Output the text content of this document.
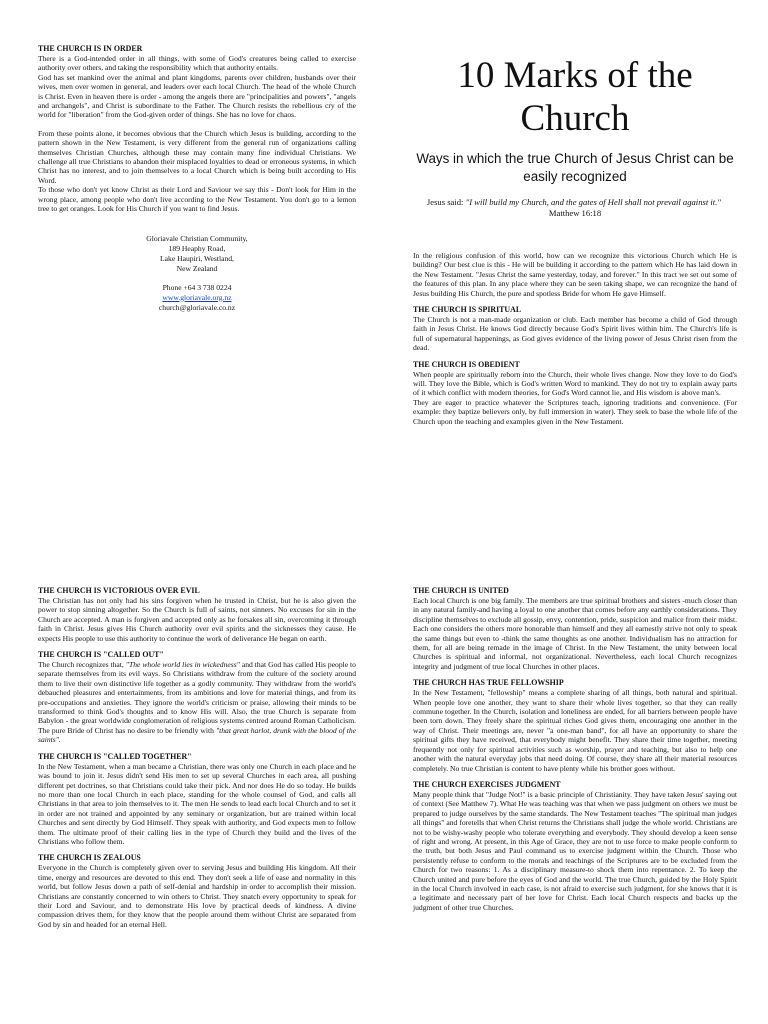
THE CHURCH IS IN ORDER

There is a God-intended order in all things, with some of God's creatures being called to exercise authority over others, and taking the responsibility which that authority entails.

God has set mankind over the animal and plant kingdoms, parents over children, husbands over their wives, men over women in general, and leaders over each local Church. The head of the whole Church is Christ. Even in heaven there is order - among the angels there are "principalities and powers", "angels and archangels", and Christ is subordinate to the Father. The Church resists the rebellious cry of the world for "liberation" from the God-given order of things. She has no love for chaos.

From these points alone, it becomes obvious that the Church which Jesus is building, according to the pattern shown in the New Testament, is very different from the general run of organizations calling themselves Christian Churches, although these may contain many fine individual Christians. We challenge all true Christians to abandon their misplaced loyalties to dead or erroneous systems, in which Christ has no interest, and to join themselves to a local Church which is being built according to His Word.

To those who don't yet know Christ as their Lord and Saviour we say this - Don't look for Him in the wrong place, among people who don't live according to the New Testament. You don't go to a lemon tree to get oranges. Look for His Church if you want to find Jesus.

Gloriavale Christian Community,
189 Heaphy Road,
Lake Haupiri, Westland,
New Zealand
Phone +64 3 738 0224
www.gloriavale.org.nz
church@gloriavale.co.nz
10 Marks of the Church
Ways in which the true Church of Jesus Christ can be easily recognized

Jesus said: "I will build my Church, and the gates of Hell shall not prevail against it."  Matthew 16:18

In the religious confusion of this world, how can we recognize this victorious Church which He is building? Our best clue is this - He will be building it according to the pattern which He has laid down in the New Testament. "Jesus Christ the same yesterday, today, and forever." In this tract we set out some of the features of this plan. In any place where they can be seen taking shape, we can recognize the hand of Jesus building His Church, the pure and spotless Bride for whom He gave Himself.

THE CHURCH IS SPIRITUAL

The Church is not a man-made organization or club. Each member has become a child of God through faith in Jesus Christ. He knows God directly because God's Spirit lives within him. The Church's life is full of supernatural happenings, as God gives evidence of the living power of Jesus Christ risen from the dead.

THE CHURCH IS OBEDIENT

When people are spiritually reborn into the Church, their whole lives change. Now they love to do God's will. They love the Bible, which is God's written Word to mankind. They do not try to explain away parts of it which conflict with modern theories, for God's Word cannot lie, and His wisdom is above man's.

They are eager to practice whatever the Scriptures teach, ignoring traditions and convenience. (For example: they baptize believers only, by full immersion in water). They seek to base the whole life of the Church upon the teaching and examples given in the New Testament.

THE CHURCH IS VICTORIOUS OVER EVIL

The Christian has not only had his sins forgiven when he trusted in Christ, but he is also given the power to stop sinning altogether. So the Church is full of saints, not sinners. No excuses for sin in the Church are accepted. A man is forgiven and accepted only as he forsakes all sin, overcoming it through faith in Christ. Jesus gives His Church authority over evil spirits and the sicknesses they cause. He expects His people to use this authority to continue the work of deliverance He began on earth.

THE CHURCH IS "CALLED OUT"

The Church recognizes that, "The whole world lies in wickedness" and that God has called His people to separate themselves from its evil ways. So Christians withdraw from the culture of the society around them to live their own distinctive life together as a godly community. They withdraw from the world's debauched pleasures and entertainments, from its ambitions and love for material things, and from its pre-occupations and anxieties. They ignore the world's criticism or praise, allowing their minds to be transformed to think God's thoughts and to know His will. Also, the true Church is separate from Babylon - the great worldwide conglomeration of religious systems centred around Roman Catholicism. The pure Bride of Christ has no desire to be friendly with "that great harlot, drunk with the blood of the saints".

THE CHURCH IS "CALLED TOGETHER"

In the New Testament, when a man became a Christian, there was only one Church in each place and he was bound to join it. Jesus didn't send His men to set up several Churches in each area, all pushing different pet doctrines, so that Christians could take their pick. And nor does He do so today. He builds no more than one local Church in each place, standing for the whole counsel of God, and calls all Christians in that area to join themselves to it. The men He sends to lead each local Church and to set it in order are not trained and appointed by any seminary or organization, but are trained within local Churches and sent directly by God Himself. They speak with authority, and God expects men to follow them. The ultimate proof of their calling lies in the type of Church they build and the lives of the Christians who follow them.

THE CHURCH IS ZEALOUS

Everyone in the Church is completely given over to serving Jesus and building His kingdom. All their time, energy and resources are devoted to this end. They don't seek a life of ease and normality in this world, but follow Jesus down a path of self-denial and hardship in order to accomplish their mission. Christians are constantly concerned to win others to Christ. They snatch every opportunity to speak for their Lord and Saviour, and to demonstrate His love by practical deeds of kindness. A divine compassion drives them, for they know that the people around them without Christ are separated from God by sin and headed for an eternal Hell.

THE CHURCH IS UNITED

Each local Church is one big family. The members are true spiritual brothers and sisters -much closer than in any natural family-and having a loyal to one another that comes before any earthly considerations. They discipline themselves to exclude all gossip, envy, contention, pride, suspicion and malice from their midst. Each one considers the others more honorable than himself and they all earnestly strive not only to speak the same things but even to -think the same thoughts as one another. Individualism has no attraction for them, for all are being remade in the image of Christ. In the New Testament, the unity between local Churches is spiritual and informal, not organizational. Nevertheless, each local Church recognizes integrity and judgment of true local Churches in other places.

THE CHURCH HAS TRUE FELLOWSHIP

In the New Testament, "fellowship" means a complete sharing of all things, both natural and spiritual. When people love one another, they want to share their whole lives together, so that they can really commune together. In the Church, isolation and loneliness are ended, for all barriers between people have been torn down. They freely share the spiritual riches God gives them, encouraging one another in the way of Christ. Their meetings are, never "a one-man band", for all have an opportunity to share the spiritual gifts they have received, that everybody might benefit. They share their time together, meeting frequently not only for spiritual activities such as worship, prayer and teaching, but also to help one another with the natural everyday jobs that need doing. Of course, they share all their material resources completely. No true Christian is content to have plenty while his brother goes without.

THE CHURCH EXERCISES JUDGMENT

Many people think that "Judge Not!" is a basic principle of Christianity. They have taken Jesus' saying out of context (See Matthew 7). What He was teaching was that when we pass judgment on others we must be prepared to judge ourselves by the same standards. The New Testament teaches "The spiritual man judges all things" and foretells that when Christ returns the Christians shall judge the whole world. Christians are not to be wishy-washy people who tolerate everything and everybody. They should develop a keen sense of right and wrong. At present, in this Age of Grace, they are not to use force to make people conform to the truth, but both Jesus and Paul command us to exercise judgment within the Church. Those who persistently refuse to conform to the morals and teachings of the Scriptures are to be excluded from the Church for two reasons: 1. As a disciplinary measure-to shock them into repentance. 2. To keep the Church united and pure before the eyes of God and the world. The true Church, guided by the Holy Spirit in the local Church involved in each case, is not afraid to exercise such judgment, for she knows that it is a legitimate and necessary part of her love for Christ. Each local Church respects and backs up the judgment of other true Churches.
